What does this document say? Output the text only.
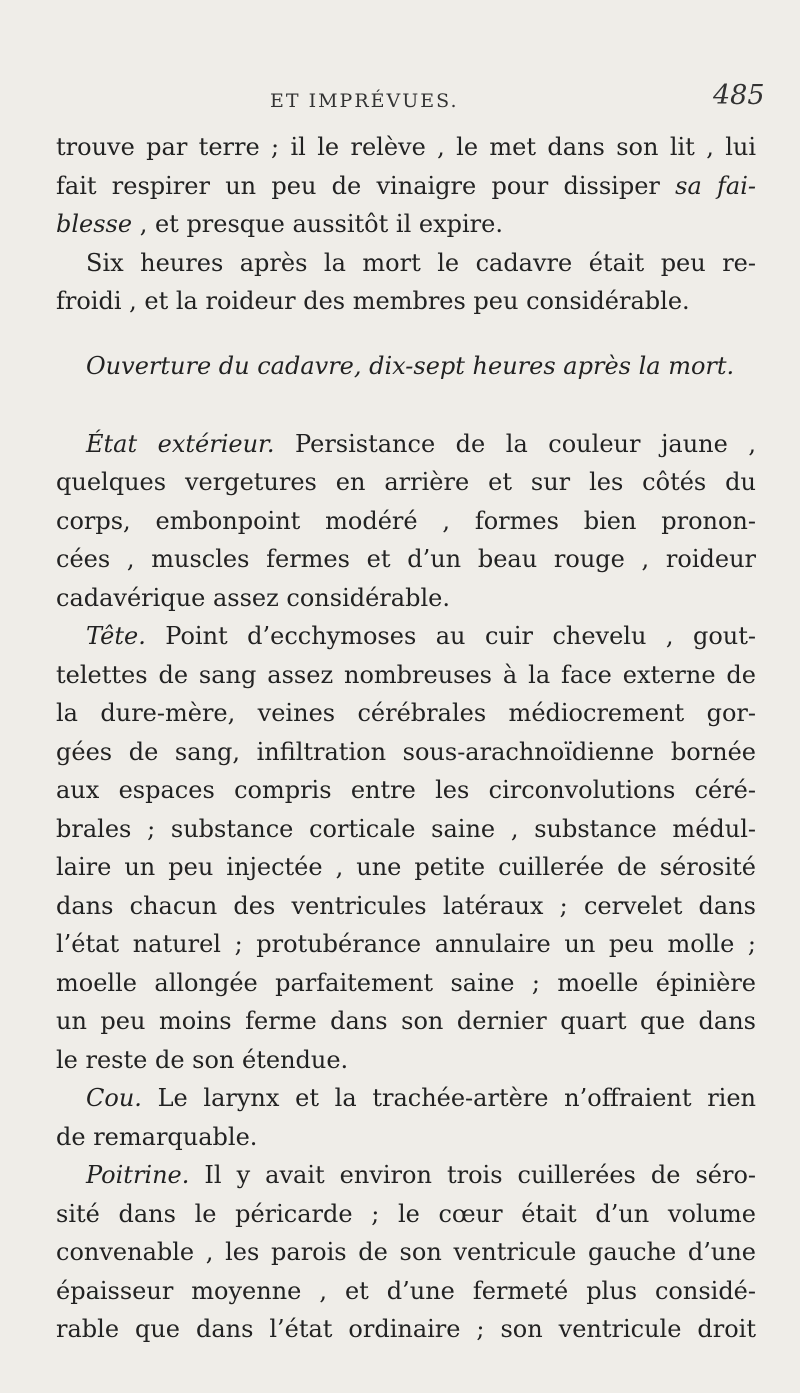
ET IMPRÉVUES.	485
trouve par terre ; il le relève , le met dans son lit , lui
fait respirer un peu de vinaigre pour dissiper sa fai-
blesse , et presque aussitôt il expire.
Six heures après la mort le cadavre était peu re-
froidi , et la roideur des membres peu considérable.
Ouverture du cadavre, dix-sept heures après la mort.
État extérieur. Persistance de la couleur jaune ,
quelques vergetures en arrière et sur les côtés du
corps, embonpoint modéré , formes bien pronon-
cées , muscles fermes et d’un beau rouge , roideur
cadavérique assez considérable.
Tête. Point d’ecchymoses au cuir chevelu , gout-
telettes de sang assez nombreuses à la face externe de
la dure-mère, veines cérébrales médiocrement gor-
gées de sang, infiltration sous-arachnoïdienne bornée
aux espaces compris entre les circonvolutions céré-
brales ; substance corticale saine , substance médul-
laire un peu injectée , une petite cuillerée de sérosité
dans chacun des ventricules latéraux ; cervelet dans
l’état naturel ; protubérance annulaire un peu molle ;
moelle allongée parfaitement saine ; moelle épinière
un peu moins ferme dans son dernier quart que dans
le reste de son étendue.
Cou. Le larynx et la trachée-artère n’offraient rien
de remarquable.
Poitrine. Il y avait environ trois cuillerées de séro-
sité dans le péricarde ; le cœur était d’un volume
convenable , les parois de son ventricule gauche d’une
épaisseur moyenne , et d’une fermeté plus considé-
rable que dans l’état ordinaire ; son ventricule droit
